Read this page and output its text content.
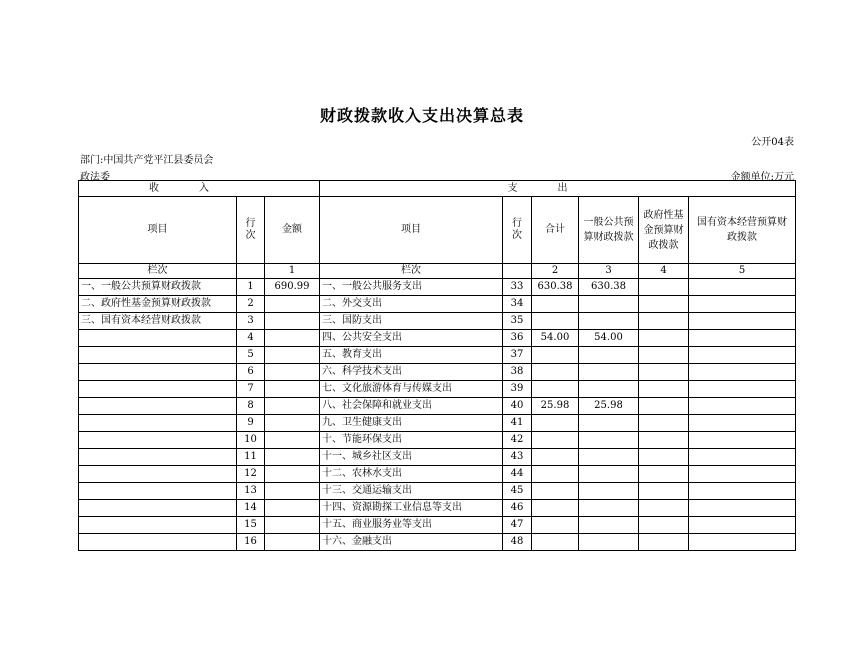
财政拨款收入支出决算总表
公开04表
部门:中国共产党平江县委员会
政法委	金额单位:万元
收入			支出					
项目	行次	金额	项目	行次	合计	一般公共预算财政拨款	政府性基金预算财政拨款	国有资本经营预算财政拨款
栏次		1	栏次		2	3	4	5
一、一般公共预算财政拨款	1	690.99	一、一般公共服务支出	33	630.38	630.38		
二、政府性基金预算财政拨款	2		二、外交支出	34				
三、国有资本经营财政拨款	3		三、国防支出	35				
	4		四、公共安全支出	36	54.00	54.00		
	5		五、教育支出	37				
	6		六、科学技术支出	38				
	7		七、文化旅游体育与传媒支出	39				
	8		八、社会保障和就业支出	40	25.98	25.98		
	9		九、卫生健康支出	41				
	10		十、节能环保支出	42				
	11		十一、城乡社区支出	43				
	12		十二、农林水支出	44				
	13		十三、交通运输支出	45				
	14		十四、资源勘探工业信息等支出	46				
	15		十五、商业服务业等支出	47				
	16		十六、金融支出	48				
